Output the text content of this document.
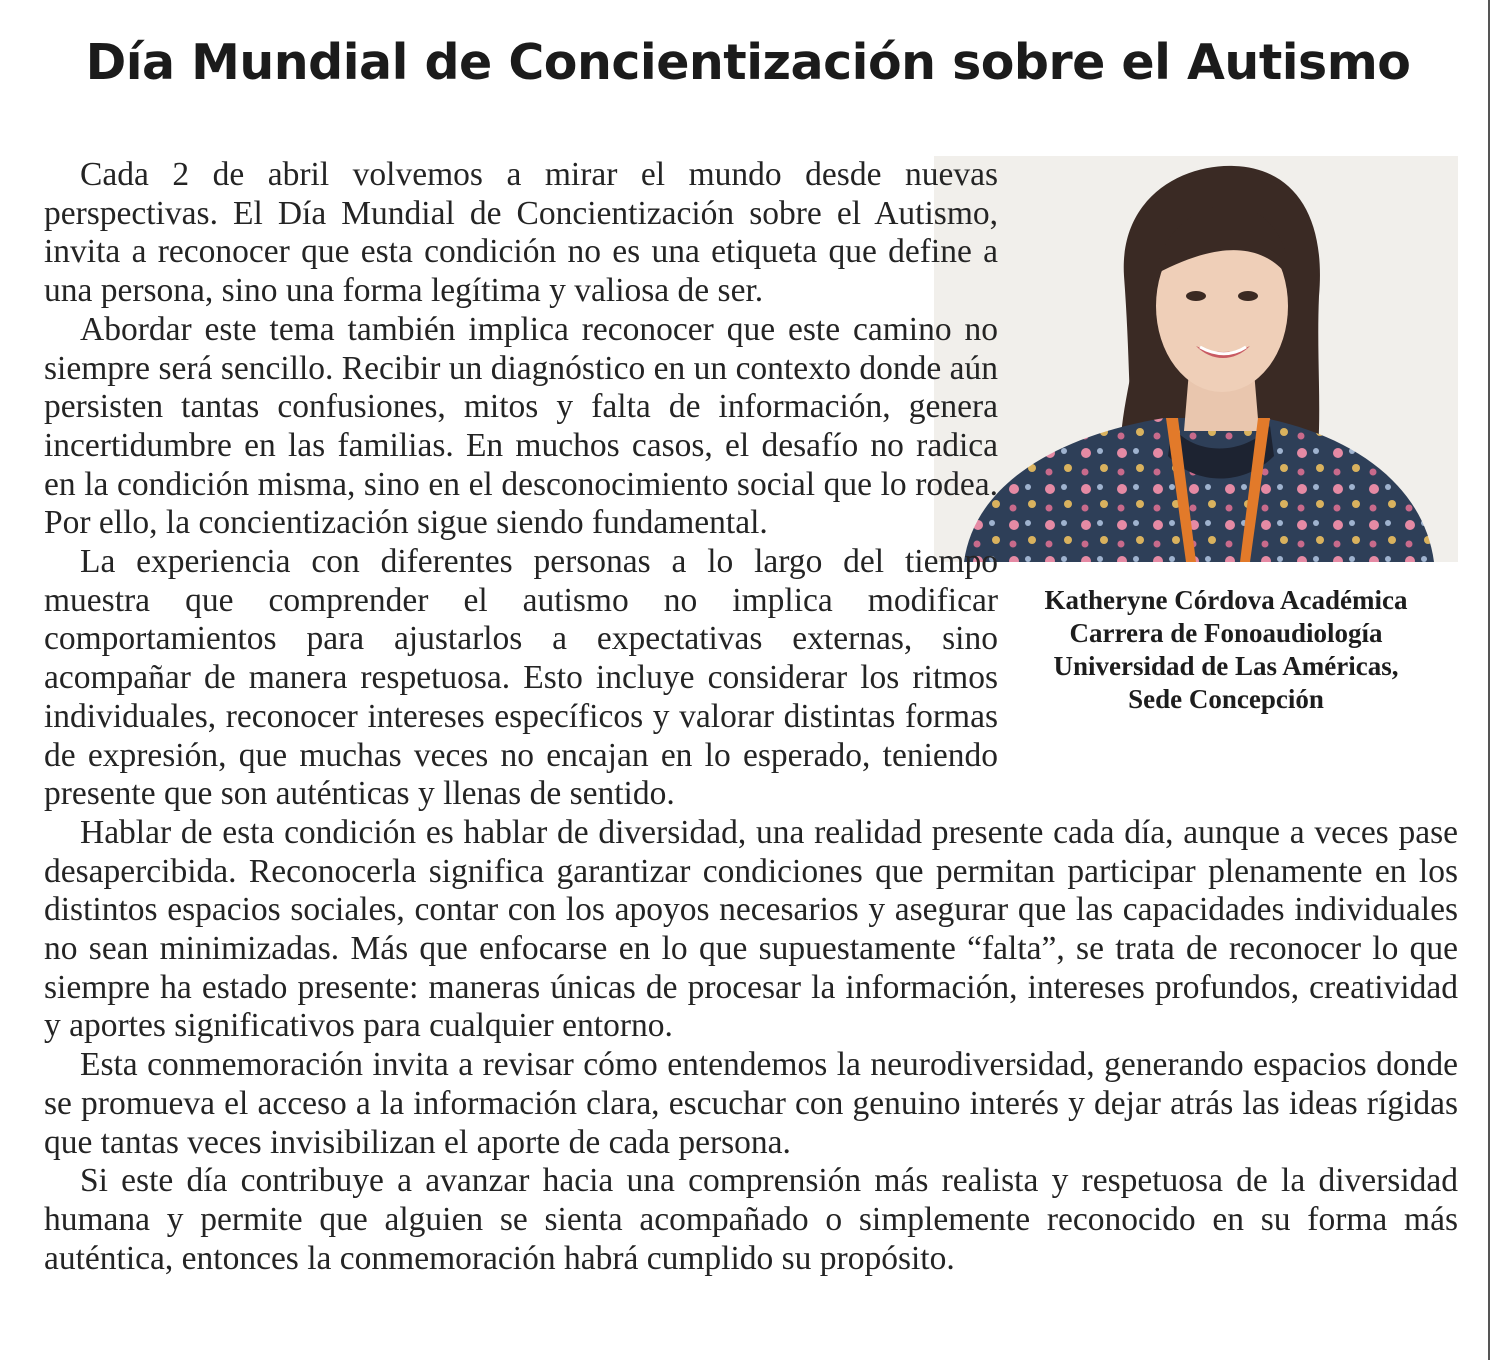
Día Mundial de Concientización sobre el Autismo
Katheryne Córdova Académica
Carrera de Fonoaudiología
Universidad de Las Américas,
Sede Concepción

Cada 2 de abril volvemos a mirar el mundo desde nuevas perspectivas. El Día Mundial de Concientización sobre el Autismo, invita a reconocer que esta condición no es una etiqueta que define a una persona, sino una forma legítima y valiosa de ser.

Abordar este tema también implica reconocer que este camino no siempre será sencillo. Recibir un diagnóstico en un contexto donde aún persisten tantas confusiones, mitos y falta de información, genera incertidumbre en las familias. En muchos casos, el desafío no radica en la condición misma, sino en el desconocimiento social que lo rodea. Por ello, la concientización sigue siendo fundamental.

La experiencia con diferentes personas a lo largo del tiempo muestra que comprender el autismo no implica modificar comportamientos para ajustarlos a expectativas externas, sino acompañar de manera respetuosa. Esto incluye considerar los ritmos individuales, reconocer intereses específicos y valorar distintas formas de expresión, que muchas veces no encajan en lo esperado, teniendo presente que son auténticas y llenas de sentido.

Hablar de esta condición es hablar de diversidad, una realidad presente cada día, aunque a veces pase desapercibida. Reconocerla significa garantizar condiciones que permitan participar plenamente en los distintos espacios sociales, contar con los apoyos necesarios y asegurar que las capacidades individuales no sean minimizadas. Más que enfocarse en lo que supuestamente “falta”, se trata de reconocer lo que siempre ha estado presente: maneras únicas de procesar la información, intereses profundos, creatividad y aportes significativos para cualquier entorno.

Esta conmemoración invita a revisar cómo entendemos la neurodiversidad, generando espacios donde se promueva el acceso a la información clara, escuchar con genuino interés y dejar atrás las ideas rígidas que tantas veces invisibilizan el aporte de cada persona.

Si este día contribuye a avanzar hacia una comprensión más realista y respetuosa de la diversidad humana y permite que alguien se sienta acompañado o simplemente reconocido en su forma más auténtica, entonces la conmemoración habrá cumplido su propósito.
